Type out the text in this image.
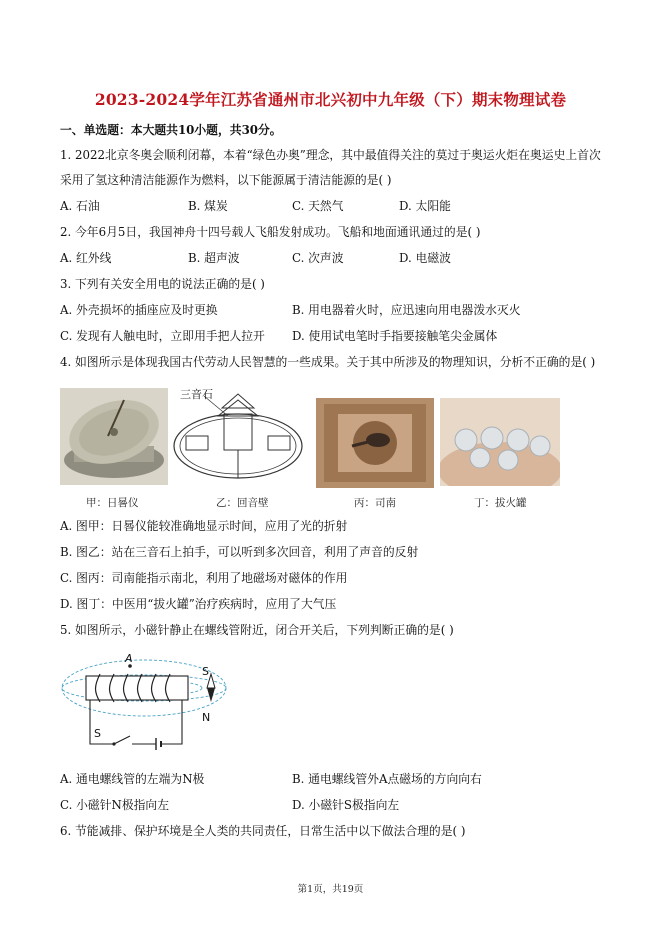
2023-2024学年江苏省通州市北兴初中九年级（下）期末物理试卷
一、单选题：本大题共10小题，共30分。
1. 2022北京冬奥会顺利闭幕，本着“绿色办奥”理念，其中最值得关注的莫过于奥运火炬在奥运史上首次
采用了氢这种清洁能源作为燃料，以下能源属于清洁能源的是( )
A. 石油	B. 煤炭	C. 天然气	D. 太阳能
2. 今年6月5日，我国神舟十四号载人飞船发射成功。飞船和地面通讯通过的是( )
A. 红外线	B. 超声波	C. 次声波	D. 电磁波
3. 下列有关安全用电的说法正确的是( )
A. 外壳损坏的插座应及时更换	B. 用电器着火时，应迅速向用电器泼水灭火
C. 发现有人触电时，立即用手把人拉开 D. 使用试电笔时手指要接触笔尖金属体
4. 如图所示是体现我国古代劳动人民智慧的一些成果。关于其中所涉及的物理知识，分析不正确的是( )
三音石
甲：日晷仪	乙：回音壁	丙：司南	丁：拔火罐
A. 图甲：日晷仪能较准确地显示时间，应用了光的折射
B. 图乙：站在三音石上拍手，可以听到多次回音，利用了声音的反射
C. 图丙：司南能指示南北，利用了地磁场对磁体的作用
D. 图丁：中医用“拔火罐”治疗疾病时，应用了大气压
5. 如图所示，小磁针静止在螺线管附近，闭合开关后，下列判断正确的是( )
A
S
N
S
A. 通电螺线管的左端为N极	B. 通电螺线管外A点磁场的方向向右
C. 小磁针N极指向左	D. 小磁针S极指向左
6. 节能减排、保护环境是全人类的共同责任，日常生活中以下做法合理的是( )
第1页，共19页
